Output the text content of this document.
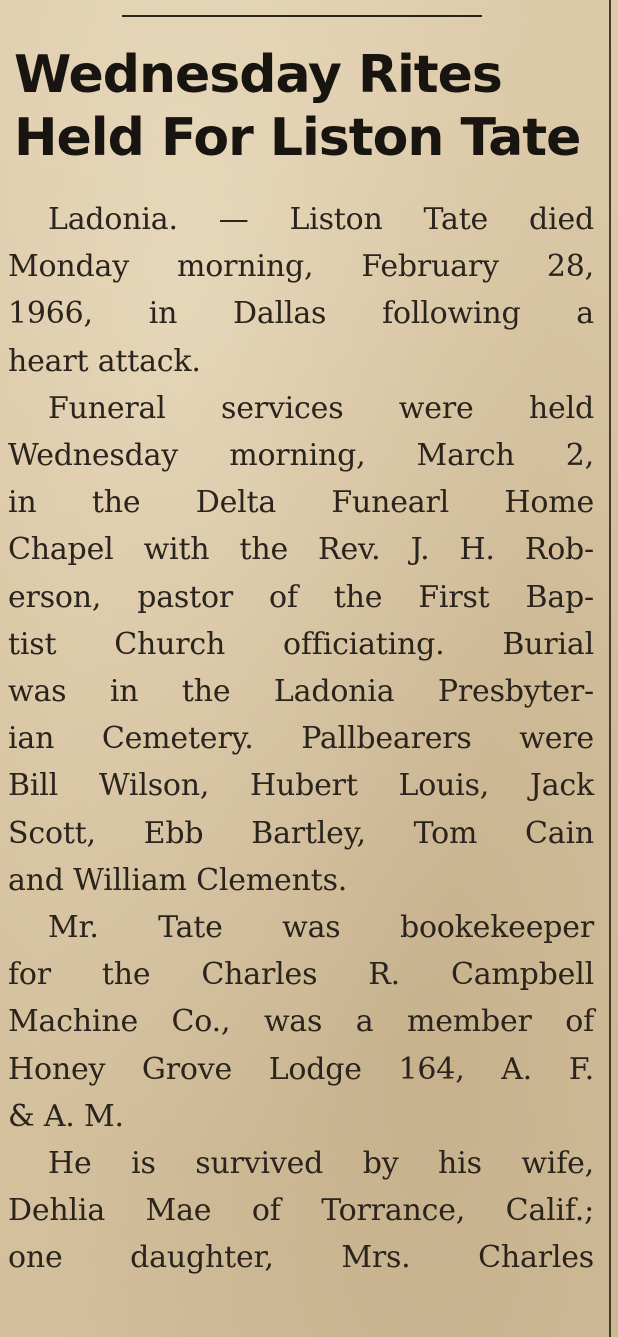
Wednesday Rites
Held For Liston Tate

Ladonia. — Liston Tate died
Monday morning, February 28,
1966, in Dallas following a
heart attack.

Funeral services were held
Wednesday morning, March 2,
in the Delta Funearl Home
Chapel with the Rev. J. H. Rob-
erson, pastor of the First Bap-
tist Church officiating. Burial
was in the Ladonia Presbyter-
ian Cemetery. Pallbearers were
Bill Wilson, Hubert Louis, Jack
Scott, Ebb Bartley, Tom Cain
and William Clements.

Mr. Tate was bookekeeper
for the Charles R. Campbell
Machine Co., was a member of
Honey Grove Lodge 164, A. F.
& A. M.

He is survived by his wife,
Dehlia Mae of Torrance, Calif.;
one daughter, Mrs. Charles
